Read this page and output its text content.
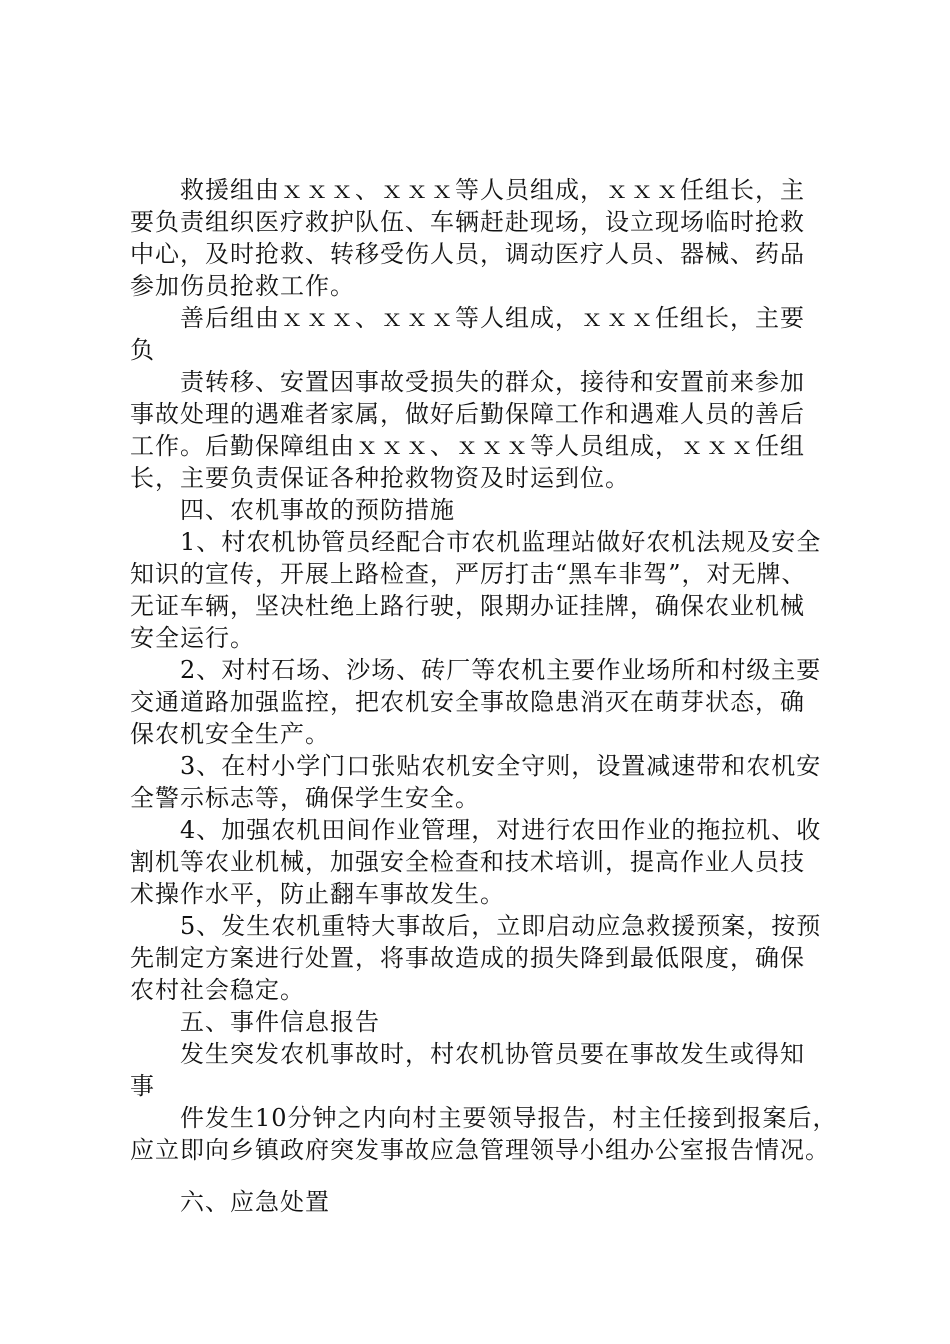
救援组由ｘｘｘ、ｘｘｘ等人员组成，ｘｘｘ任组长，主
要负责组织医疗救护队伍、车辆赶赴现场，设立现场临时抢救
中心，及时抢救、转移受伤人员，调动医疗人员、器械、药品
参加伤员抢救工作。
善后组由ｘｘｘ、ｘｘｘ等人组成，ｘｘｘ任组长，主要
负
责转移、安置因事故受损失的群众，接待和安置前来参加
事故处理的遇难者家属，做好后勤保障工作和遇难人员的善后
工作。后勤保障组由ｘｘｘ、ｘｘｘ等人员组成，ｘｘｘ任组
长，主要负责保证各种抢救物资及时运到位。
四、农机事故的预防措施
1、村农机协管员经配合市农机监理站做好农机法规及安全
知识的宣传，开展上路检查，严厉打击“黑车非驾”，对无牌、
无证车辆，坚决杜绝上路行驶，限期办证挂牌，确保农业机械
安全运行。
2、对村石场、沙场、砖厂等农机主要作业场所和村级主要
交通道路加强监控，把农机安全事故隐患消灭在萌芽状态，确
保农机安全生产。
3、在村小学门口张贴农机安全守则，设置减速带和农机安
全警示标志等，确保学生安全。
4、加强农机田间作业管理，对进行农田作业的拖拉机、收
割机等农业机械，加强安全检查和技术培训，提高作业人员技
术操作水平，防止翻车事故发生。
5、发生农机重特大事故后，立即启动应急救援预案，按预
先制定方案进行处置，将事故造成的损失降到最低限度，确保
农村社会稳定。
五、事件信息报告
发生突发农机事故时，村农机协管员要在事故发生或得知
事
件发生10分钟之内向村主要领导报告，村主任接到报案后，
应立即向乡镇政府突发事故应急管理领导小组办公室报告情况。
六、应急处置
